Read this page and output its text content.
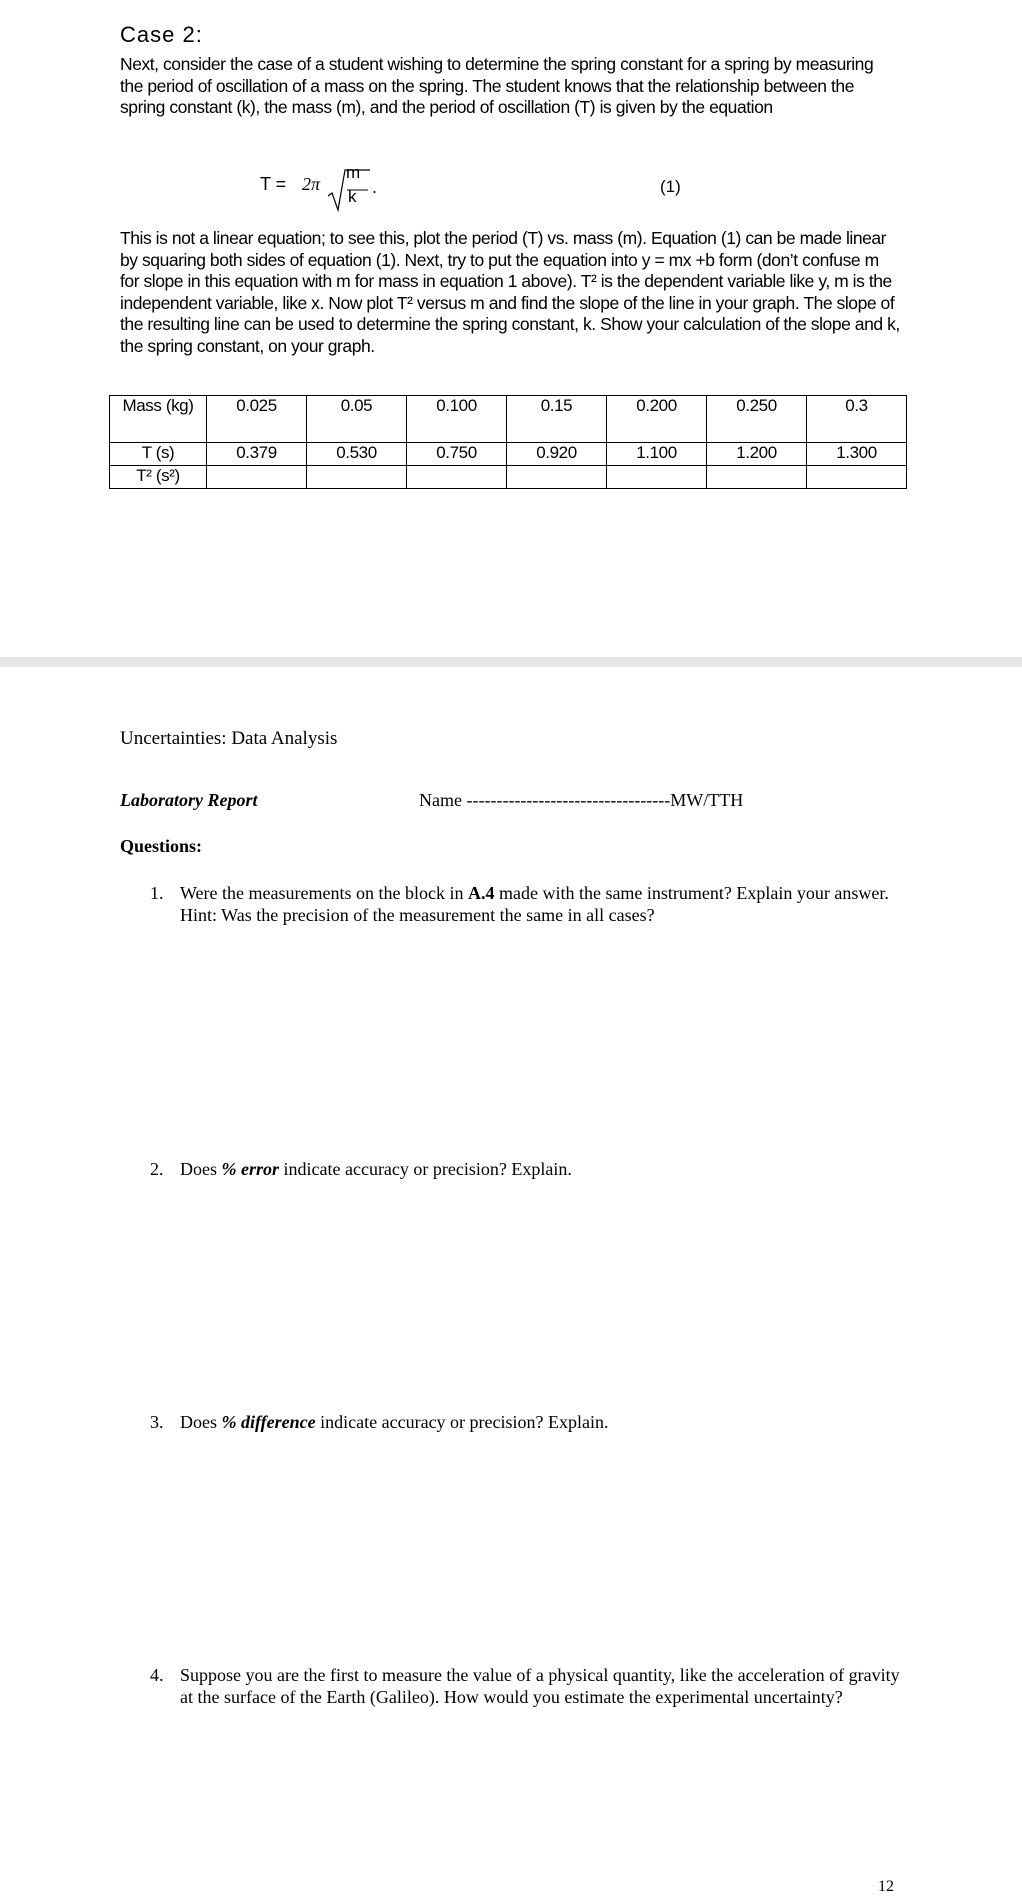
Case 2:

Next, consider the case of a student wishing to determine the spring constant for a spring by measuring the period of oscillation of a mass on the spring. The student knows that the relationship between the spring constant (k), the mass (m), and the period of oscillation (T) is given by the equation

T = 2π
m
k .	(1)

This is not a linear equation; to see this, plot the period (T) vs. mass (m). Equation (1) can be made linear by squaring both sides of equation (1). Next, try to put the equation into y = mx +b form (don’t confuse m for slope in this equation with m for mass in equation 1 above). T² is the dependent variable like y, m is the independent variable, like x. Now plot T² versus m and find the slope of the line in your graph. The slope of the resulting line can be used to determine the spring constant, k. Show your calculation of the slope and k, the spring constant, on your graph.

Mass (kg)	0.025	0.05	0.100	0.15	0.200	0.250	0.3
T (s)	0.379	0.530	0.750	0.920	1.100	1.200	1.300
T² (s²)							
Uncertainties: Data Analysis
Laboratory Report	Name ----------------------------------MW/TTH
Questions:
1. Were the measurements on the block in A.4 made with the same instrument? Explain your answer. Hint: Was the precision of the measurement the same in all cases?
2. Does % error indicate accuracy or precision? Explain.
3. Does % difference indicate accuracy or precision? Explain.
4. Suppose you are the first to measure the value of a physical quantity, like the acceleration of gravity at the surface of the Earth (Galileo). How would you estimate the experimental uncertainty?
12
